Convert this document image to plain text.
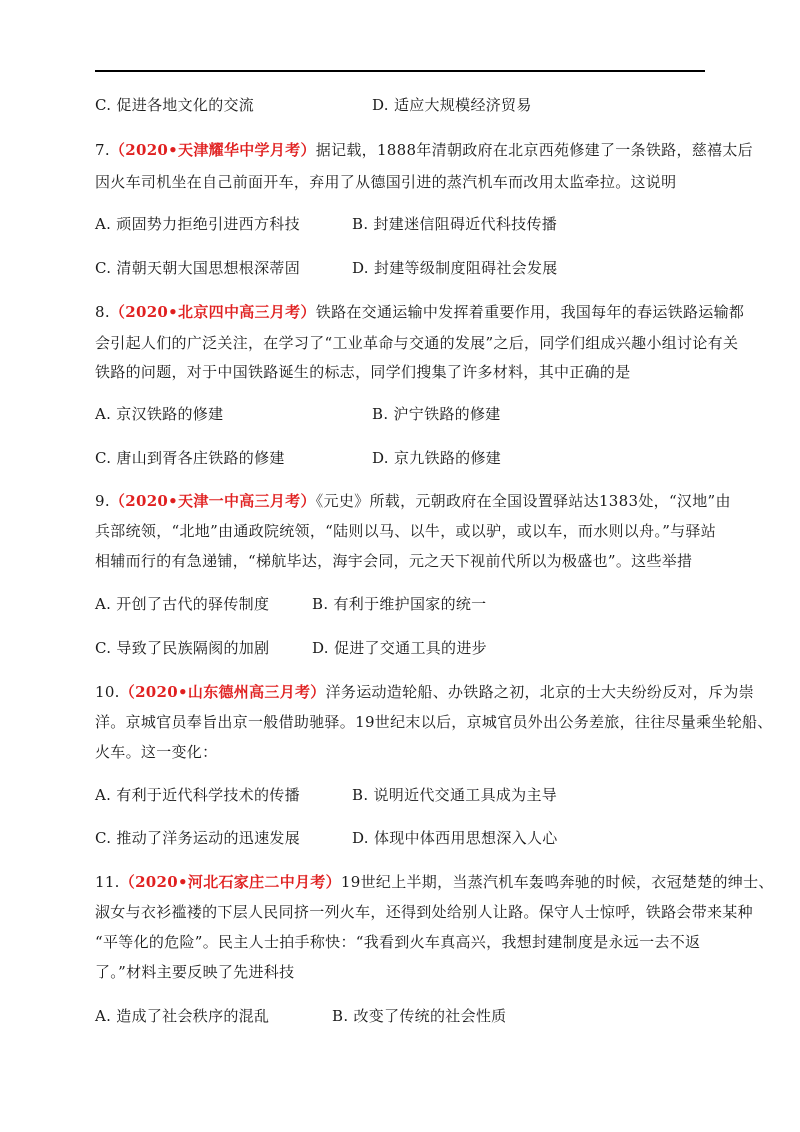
C. 促进各地文化的交流	D. 适应大规模经济贸易
7.（2020•天津耀华中学月考）据记载，1888年清朝政府在北京西苑修建了一条铁路，慈禧太后
因火车司机坐在自己前面开车，弃用了从德国引进的蒸汽机车而改用太监牵拉。这说明
A. 顽固势力拒绝引进西方科技	B. 封建迷信阻碍近代科技传播
C. 清朝天朝大国思想根深蒂固	D. 封建等级制度阻碍社会发展
8.（2020•北京四中高三月考）铁路在交通运输中发挥着重要作用，我国每年的春运铁路运输都
会引起人们的广泛关注，在学习了“工业革命与交通的发展”之后，同学们组成兴趣小组讨论有关
铁路的问题，对于中国铁路诞生的标志，同学们搜集了许多材料，其中正确的是
A. 京汉铁路的修建	B. 沪宁铁路的修建
C. 唐山到胥各庄铁路的修建	D. 京九铁路的修建
9.（2020•天津一中高三月考）《元史》所载，元朝政府在全国设置驿站达1383处，“汉地”由
兵部统领，“北地”由通政院统领，“陆则以马、以牛，或以驴，或以车，而水则以舟。”与驿站
相辅而行的有急递铺，“梯航毕达，海宇会同，元之天下视前代所以为极盛也”。这些举措
A. 开创了古代的驿传制度	B. 有利于维护国家的统一
C. 导致了民族隔阂的加剧	D. 促进了交通工具的进步
10.（2020•山东德州高三月考）洋务运动造轮船、办铁路之初，北京的士大夫纷纷反对，斥为崇
洋。京城官员奉旨出京一般借助驰驿。19世纪末以后，京城官员外出公务差旅，往往尽量乘坐轮船、
火车。这一变化：
A. 有利于近代科学技术的传播	B. 说明近代交通工具成为主导
C. 推动了洋务运动的迅速发展	D. 体现中体西用思想深入人心
11.（2020•河北石家庄二中月考）19世纪上半期，当蒸汽机车轰鸣奔驰的时候，衣冠楚楚的绅士、
淑女与衣衫褴褛的下层人民同挤一列火车，还得到处给别人让路。保守人士惊呼，铁路会带来某种
“平等化的危险”。民主人士拍手称快：“我看到火车真高兴，我想封建制度是永远一去不返
了。”材料主要反映了先进科技
A. 造成了社会秩序的混乱	B. 改变了传统的社会性质
